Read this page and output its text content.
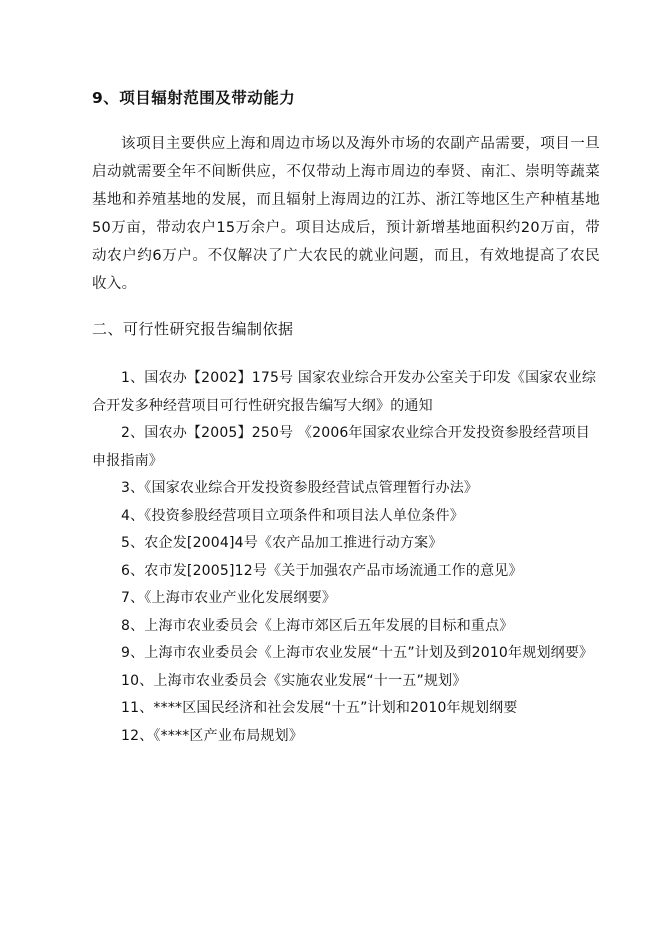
9、项目辐射范围及带动能力

该项目主要供应上海和周边市场以及海外市场的农副产品需要，项目一旦启动就需要全年不间断供应，不仅带动上海市周边的奉贤、南汇、崇明等蔬菜基地和养殖基地的发展，而且辐射上海周边的江苏、浙江等地区生产种植基地50万亩，带动农户15万余户。项目达成后，预计新增基地面积约20万亩，带动农户约6万户。不仅解决了广大农民的就业问题，而且，有效地提高了农民收入。

二、可行性研究报告编制依据
1、国农办【2002】175号 国家农业综合开发办公室关于印发《国家农业综合开发多种经营项目可行性研究报告编写大纲》的通知
2、国农办【2005】250号 《2006年国家农业综合开发投资参股经营项目申报指南》
3、《国家农业综合开发投资参股经营试点管理暂行办法》
4、《投资参股经营项目立项条件和项目法人单位条件》
5、农企发[2004]4号《农产品加工推进行动方案》
6、农市发[2005]12号《关于加强农产品市场流通工作的意见》
7、《上海市农业产业化发展纲要》
8、上海市农业委员会《上海市郊区后五年发展的目标和重点》
9、上海市农业委员会《上海市农业发展“十五”计划及到2010年规划纲要》
10、上海市农业委员会《实施农业发展“十一五”规划》
11、****区国民经济和社会发展“十五”计划和2010年规划纲要
12、《****区产业布局规划》
